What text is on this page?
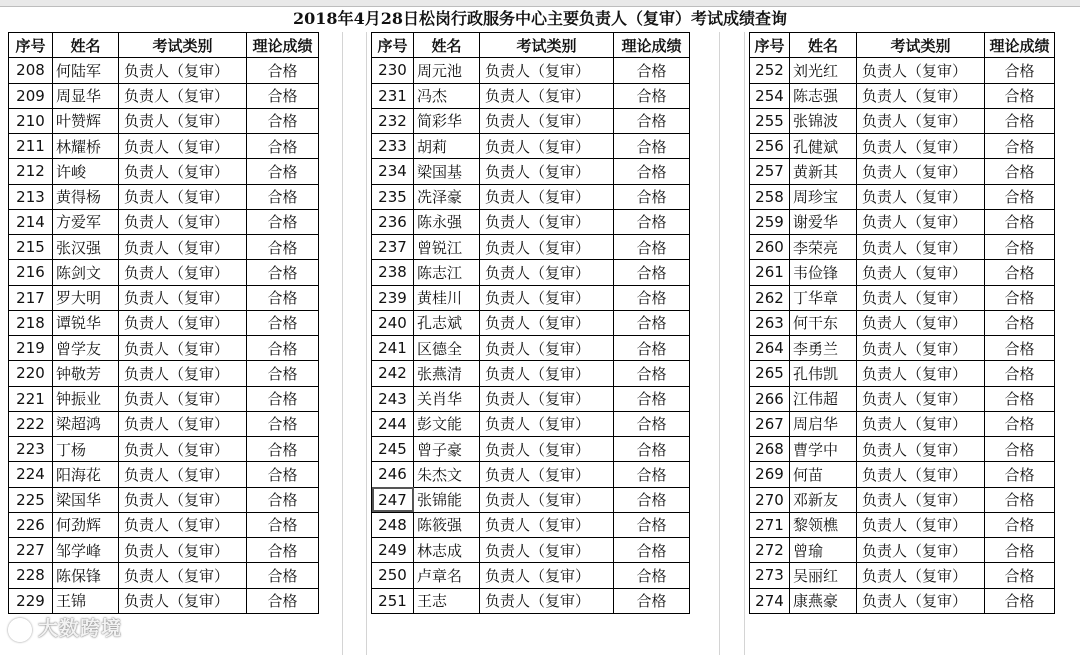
2018年4月28日松岗行政服务中心主要负责人（复审）考试成绩查询
序号	姓名	考试类别	理论成绩
208	何陆军	负责人（复审）	合格
209	周显华	负责人（复审）	合格
210	叶赞辉	负责人（复审）	合格
211	林耀桥	负责人（复审）	合格
212	许峻	负责人（复审）	合格
213	黄得杨	负责人（复审）	合格
214	方爱军	负责人（复审）	合格
215	张汉强	负责人（复审）	合格
216	陈剑文	负责人（复审）	合格
217	罗大明	负责人（复审）	合格
218	谭锐华	负责人（复审）	合格
219	曾学友	负责人（复审）	合格
220	钟敬芳	负责人（复审）	合格
221	钟振业	负责人（复审）	合格
222	梁超鸿	负责人（复审）	合格
223	丁杨	负责人（复审）	合格
224	阳海花	负责人（复审）	合格
225	梁国华	负责人（复审）	合格
226	何劲辉	负责人（复审）	合格
227	邹学峰	负责人（复审）	合格
228	陈保锋	负责人（复审）	合格
229	王锦	负责人（复审）	合格
序号	姓名	考试类别	理论成绩
230	周元池	负责人（复审）	合格
231	冯杰	负责人（复审）	合格
232	简彩华	负责人（复审）	合格
233	胡莉	负责人（复审）	合格
234	梁国基	负责人（复审）	合格
235	冼泽豪	负责人（复审）	合格
236	陈永强	负责人（复审）	合格
237	曾锐江	负责人（复审）	合格
238	陈志江	负责人（复审）	合格
239	黄桂川	负责人（复审）	合格
240	孔志斌	负责人（复审）	合格
241	区德全	负责人（复审）	合格
242	张燕清	负责人（复审）	合格
243	关肖华	负责人（复审）	合格
244	彭文能	负责人（复审）	合格
245	曾子豪	负责人（复审）	合格
246	朱杰文	负责人（复审）	合格
247	张锦能	负责人（复审）	合格
248	陈筱强	负责人（复审）	合格
249	林志成	负责人（复审）	合格
250	卢章名	负责人（复审）	合格
251	王志	负责人（复审）	合格
序号	姓名	考试类别	理论成绩
252	刘光红	负责人（复审）	合格
254	陈志强	负责人（复审）	合格
255	张锦波	负责人（复审）	合格
256	孔健斌	负责人（复审）	合格
257	黄新其	负责人（复审）	合格
258	周珍宝	负责人（复审）	合格
259	谢爱华	负责人（复审）	合格
260	李荣亮	负责人（复审）	合格
261	韦俭锋	负责人（复审）	合格
262	丁华章	负责人（复审）	合格
263	何干东	负责人（复审）	合格
264	李勇兰	负责人（复审）	合格
265	孔伟凯	负责人（复审）	合格
266	江伟超	负责人（复审）	合格
267	周启华	负责人（复审）	合格
268	曹学中	负责人（复审）	合格
269	何苗	负责人（复审）	合格
270	邓新友	负责人（复审）	合格
271	黎领樵	负责人（复审）	合格
272	曾瑜	负责人（复审）	合格
273	吴丽红	负责人（复审）	合格
274	康燕豪	负责人（复审）	合格
大数跨境
